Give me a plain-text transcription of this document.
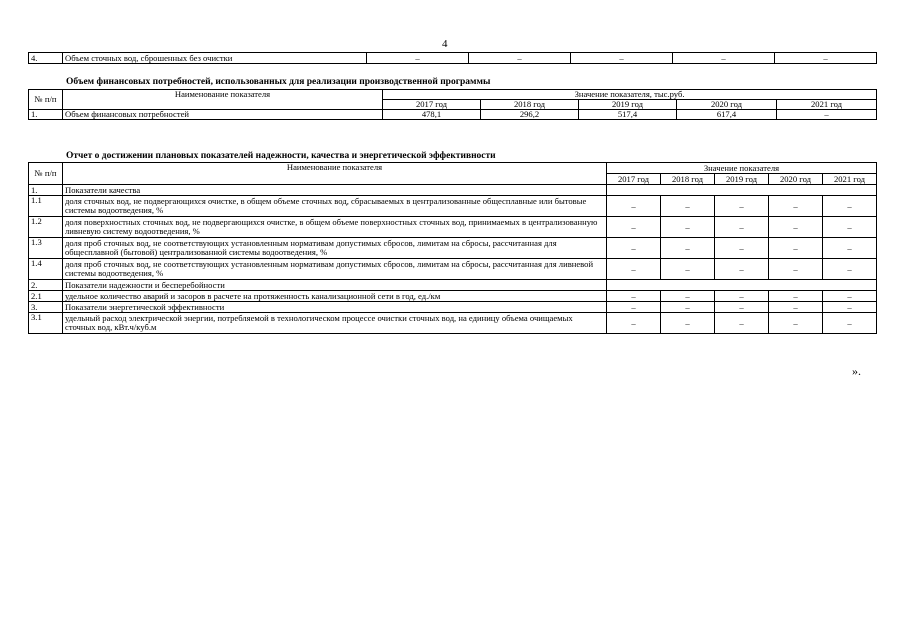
4
4.	Объем сточных вод, сброшенных без очистки	–	–	–	–	–
Объем финансовых потребностей, использованных для реализации производственной программы
№ п/п	Наименование показателя	Значение показателя, тыс.руб.				
		2017 год	2018 год	2019 год	2020 год	2021 год
1.	Объем финансовых потребностей	478,1	296,2	517,4	617,4	–
Отчет о достижении плановых показателей надежности, качества и энергетической эффективности
№ п/п	Наименование показателя	Значение показателя				
		2017 год	2018 год	2019 год	2020 год	2021 год
1.	Показатели качества					
1.1	доля сточных вод, не подвергающихся очистке, в общем объеме сточных вод, сбрасываемых в централизованные общесплавные или бытовые системы водоотведения, %	–	–	–	–	–
1.2	доля поверхностных сточных вод, не подвергающихся очистке, в общем объеме поверхностных сточных вод, принимаемых в централизованную ливневую систему водоотведения, %	–	–	–	–	–
1.3	доля проб сточных вод, не соответствующих установленным нормативам допустимых сбросов, лимитам на сбросы, рассчитанная для общесплавной (бытовой) централизованной системы водоотведения, %	–	–	–	–	–
1.4	доля проб сточных вод, не соответствующих установленным нормативам допустимых сбросов, лимитам на сбросы, рассчитанная для ливневой системы водоотведения, %	–	–	–	–	–
2.	Показатели надежности и бесперебойности					
2.1	удельное количество аварий и засоров в расчете на протяженность канализационной сети в год, ед./км	–	–	–	–	–
3.	Показатели энергетической эффективности	–	–	–	–	–
3.1	удельный расход электрической энергии, потребляемой в технологическом процессе очистки сточных вод, на единицу объема очищаемых сточных вод, кВт.ч/куб.м	–	–	–	–	–
».
